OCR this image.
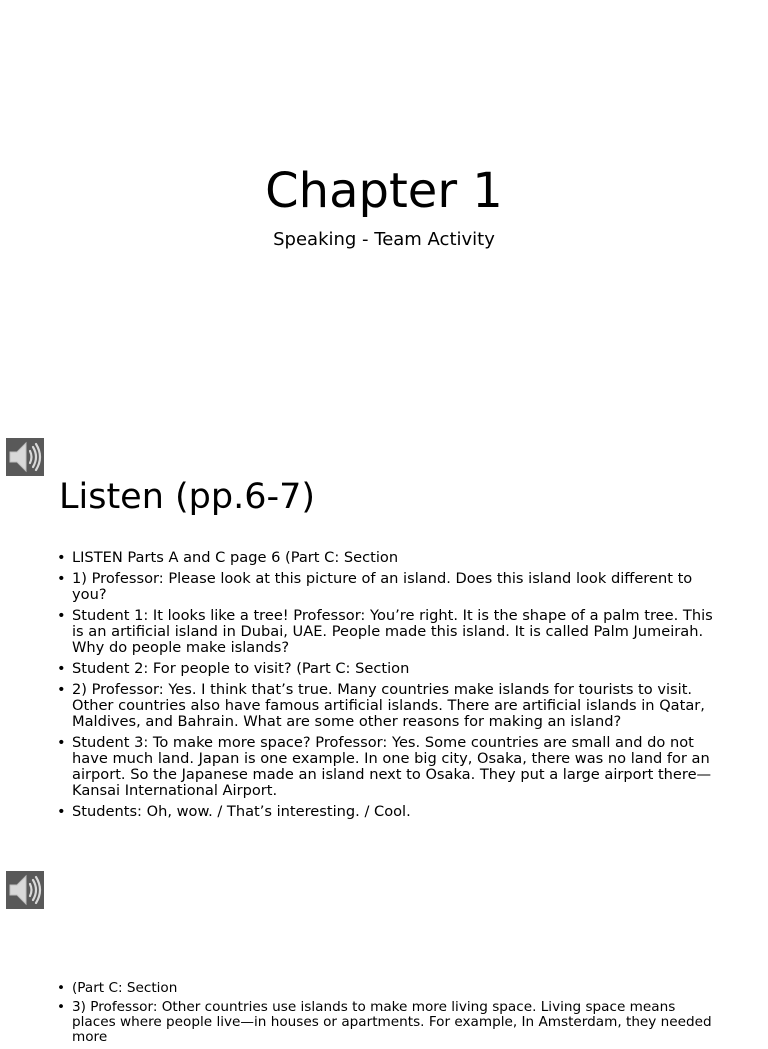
Chapter 1
Speaking - Team Activity
Listen (pp.6-7)
• LISTEN Parts A and C page 6 (Part C: Section
• 1) Professor: Please look at this picture of an island. Does this island look different to you?
• Student 1: It looks like a tree! Professor: You’re right. It is the shape of a palm tree. This is an artificial island in Dubai, UAE. People made this island. It is called Palm Jumeirah. Why do people make islands?
• Student 2: For people to visit? (Part C: Section
• 2) Professor: Yes. I think that’s true. Many countries make islands for tourists to visit. Other countries also have famous artificial islands. There are artificial islands in Qatar, Maldives, and Bahrain. What are some other reasons for making an island?
• Student 3: To make more space? Professor: Yes. Some countries are small and do not have much land. Japan is one example. In one big city, Osaka, there was no land for an airport. So the Japanese made an island next to Osaka. They put a large airport there—Kansai International Airport.
• Students: Oh, wow. / That’s interesting. / Cool.
• (Part C: Section
• 3) Professor: Other countries use islands to make more living space. Living space means places where people live—in houses or apartments. For example, In Amsterdam, they needed more
